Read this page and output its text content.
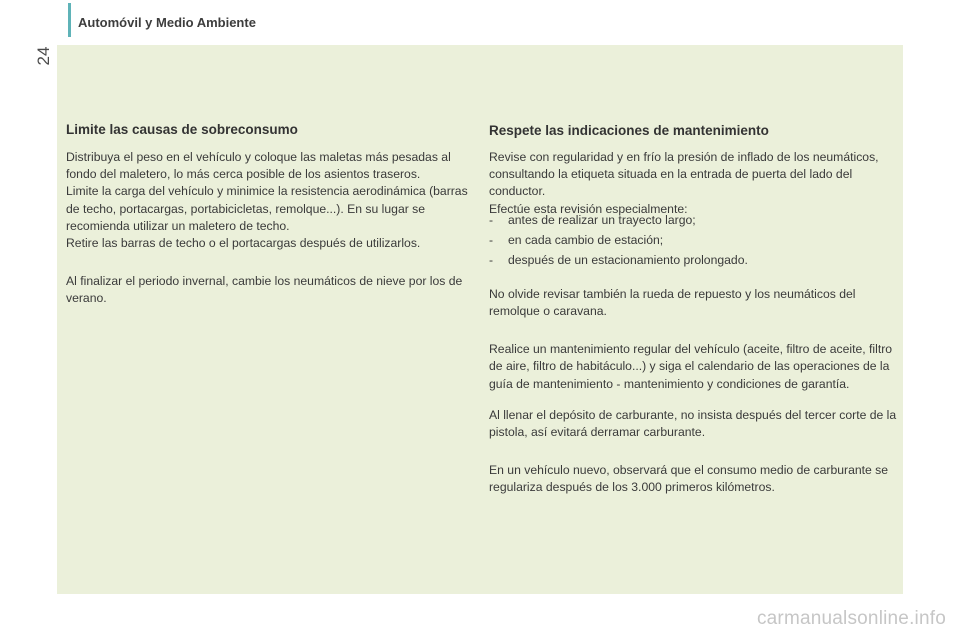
Automóvil y Medio Ambiente
24
Limite las causas de sobreconsumo

Distribuya el peso en el vehículo y coloque las maletas más pesadas al fondo del maletero, lo más cerca posible de los asientos traseros.

Limite la carga del vehículo y minimice la resistencia aerodinámica (barras de techo, portacargas, portabicicletas, remolque...). En su lugar se recomienda utilizar un maletero de techo.

Retire las barras de techo o el portacargas después de utilizarlos.

Al finalizar el periodo invernal, cambie los neumáticos de nieve por los de verano.

Respete las indicaciones de mantenimiento

Revise con regularidad y en frío la presión de inflado de los neumáticos, consultando la etiqueta situada en la entrada de puerta del lado del conductor.

Efectúe esta revisión especialmente:

- antes de realizar un trayecto largo;
- en cada cambio de estación;
- después de un estacionamiento prolongado.

No olvide revisar también la rueda de repuesto y los neumáticos del remolque o caravana.

Realice un mantenimiento regular del vehículo (aceite, filtro de aceite, filtro de aire, filtro de habitáculo...) y siga el calendario de las operaciones de la guía de mantenimiento - mantenimiento y condiciones de garantía.

Al llenar el depósito de carburante, no insista después del tercer corte de la pistola, así evitará derramar carburante.

En un vehículo nuevo, observará que el consumo medio de carburante se regulariza después de los 3.000 primeros kilómetros.

carmanualsonline.info
